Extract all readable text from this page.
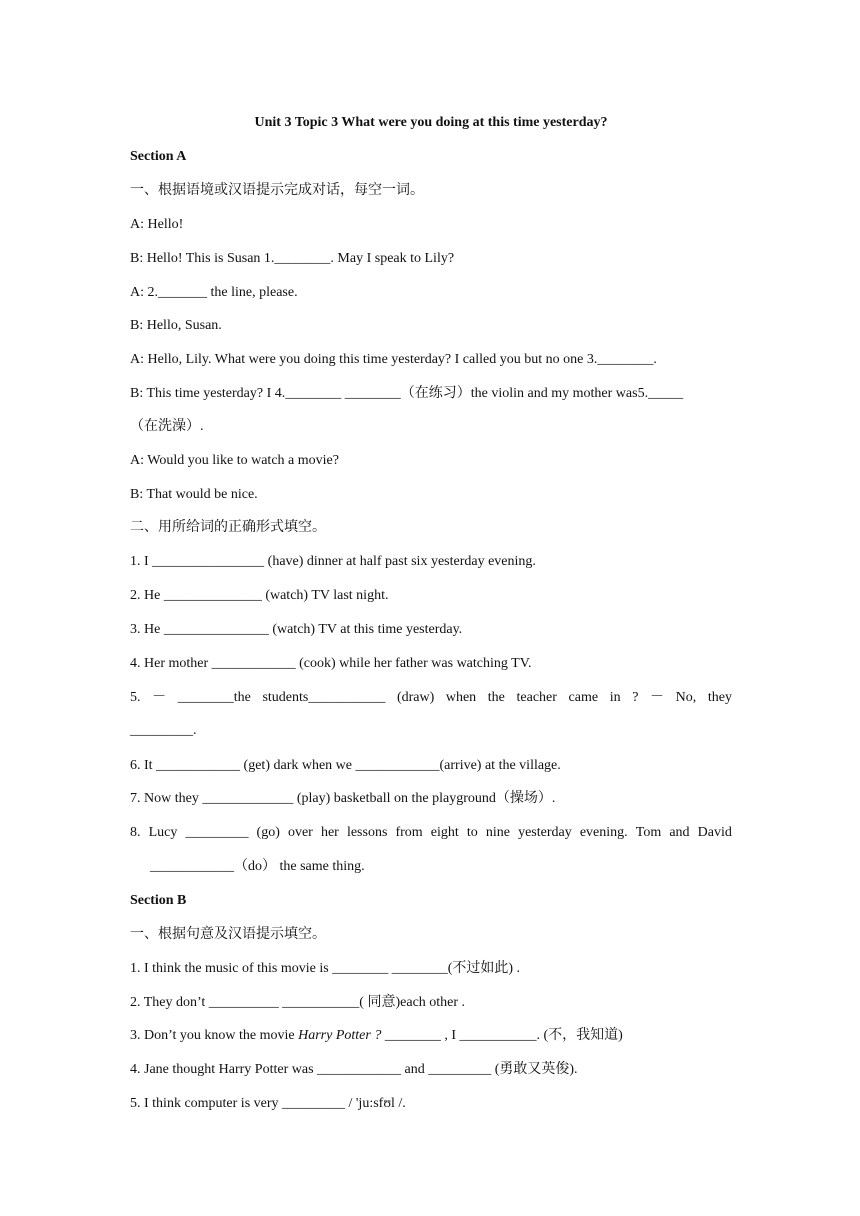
Unit 3 Topic 3 What were you doing at this time yesterday?
Section A
一、根据语境或汉语提示完成对话，每空一词。
A: Hello!
B: Hello! This is Susan 1.________. May I speak to Lily?
A: 2._______ the line, please.
B: Hello, Susan.
A: Hello, Lily. What were you doing this time yesterday? I called you but no one 3.________.
B: This time yesterday? I 4.________ ________（在练习）the violin and my mother was5._____
（在洗澡）.
A: Would you like to watch a movie?
B: That would be nice.
二、用所给词的正确形式填空。
1. I ________________ (have) dinner at half past six yesterday evening.
2. He ______________ (watch) TV last night.
3. He _______________ (watch) TV at this time yesterday.
4. Her mother ____________ (cook) while her father was watching TV.
5. － ________the students___________ (draw) when the teacher came in ? － No, they
_________.
6. It ____________ (get) dark when we ____________(arrive) at the village.
7. Now they _____________ (play) basketball on the playground（操场）.
8. Lucy _________ (go) over her lessons from eight to nine yesterday evening. Tom and David
____________（do） the same thing.
Section B
一、根据句意及汉语提示填空。
1. I think the music of this movie is ________ ________(不过如此) .
2. They don’t __________ ___________( 同意)each other .
3. Don’t you know the movie Harry Potter ? ________ , I ___________. (不，我知道)
4. Jane thought Harry Potter was ____________ and _________ (勇敢又英俊).
5. I think computer is very _________ / 'ju:sfʊl /.
